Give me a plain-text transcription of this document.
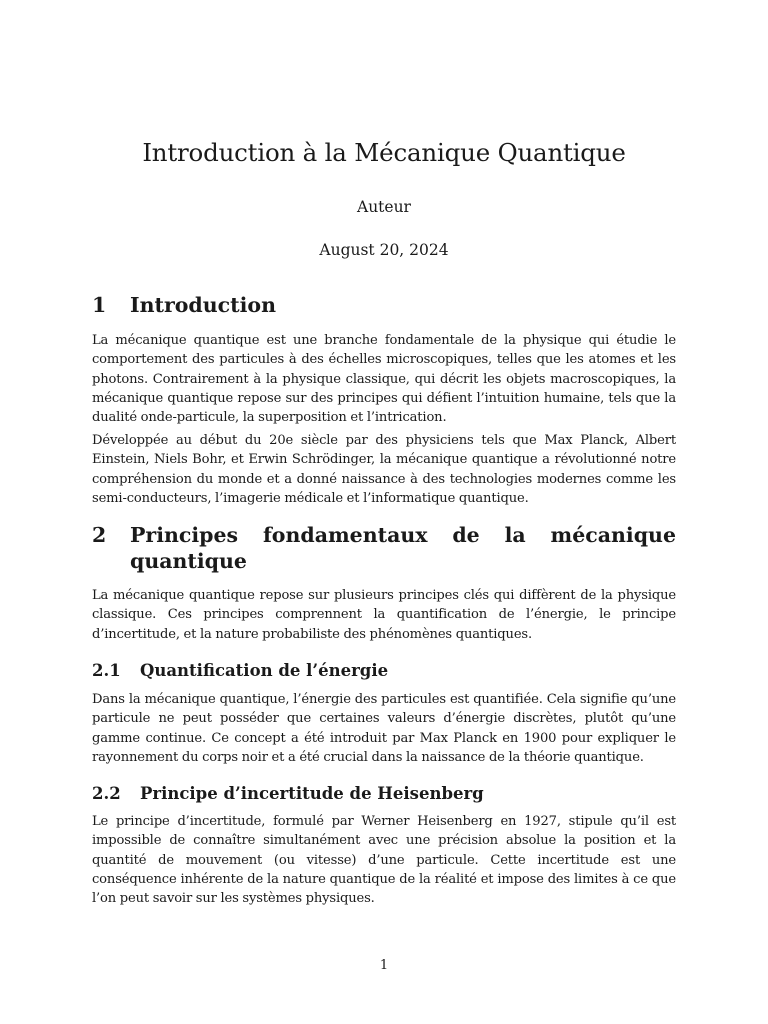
Introduction à la Mécanique Quantique
Auteur
August 20, 2024
1 Introduction
La mécanique quantique est une branche fondamentale de la physique qui étudie le comportement des particules à des échelles microscopiques, telles que les atomes et les photons. Contrairement à la physique classique, qui décrit les objets macroscopiques, la mécanique quantique repose sur des principes qui défient l’intuition humaine, tels que la dualité onde-particule, la superposition et l’intrication.
Développée au début du 20e siècle par des physiciens tels que Max Planck, Albert Einstein, Niels Bohr, et Erwin Schrödinger, la mécanique quantique a révolutionné notre compréhension du monde et a donné naissance à des technologies modernes comme les semi-conducteurs, l’imagerie médicale et l’informatique quantique.
2 Principes fondamentaux de la mécanique quantique
La mécanique quantique repose sur plusieurs principes clés qui diffèrent de la physique classique. Ces principes comprennent la quantification de l’énergie, le principe d’incertitude, et la nature probabiliste des phénomènes quantiques.
2.1 Quantification de l’énergie
Dans la mécanique quantique, l’énergie des particules est quantifiée. Cela signifie qu’une particule ne peut posséder que certaines valeurs d’énergie discrètes, plutôt qu’une gamme continue. Ce concept a été introduit par Max Planck en 1900 pour expliquer le rayonnement du corps noir et a été crucial dans la naissance de la théorie quantique.
2.2 Principe d’incertitude de Heisenberg
Le principe d’incertitude, formulé par Werner Heisenberg en 1927, stipule qu’il est impossible de connaître simultanément avec une précision absolue la position et la quantité de mouvement (ou vitesse) d’une particule. Cette incertitude est une conséquence inhérente de la nature quantique de la réalité et impose des limites à ce que l’on peut savoir sur les systèmes physiques.
1
